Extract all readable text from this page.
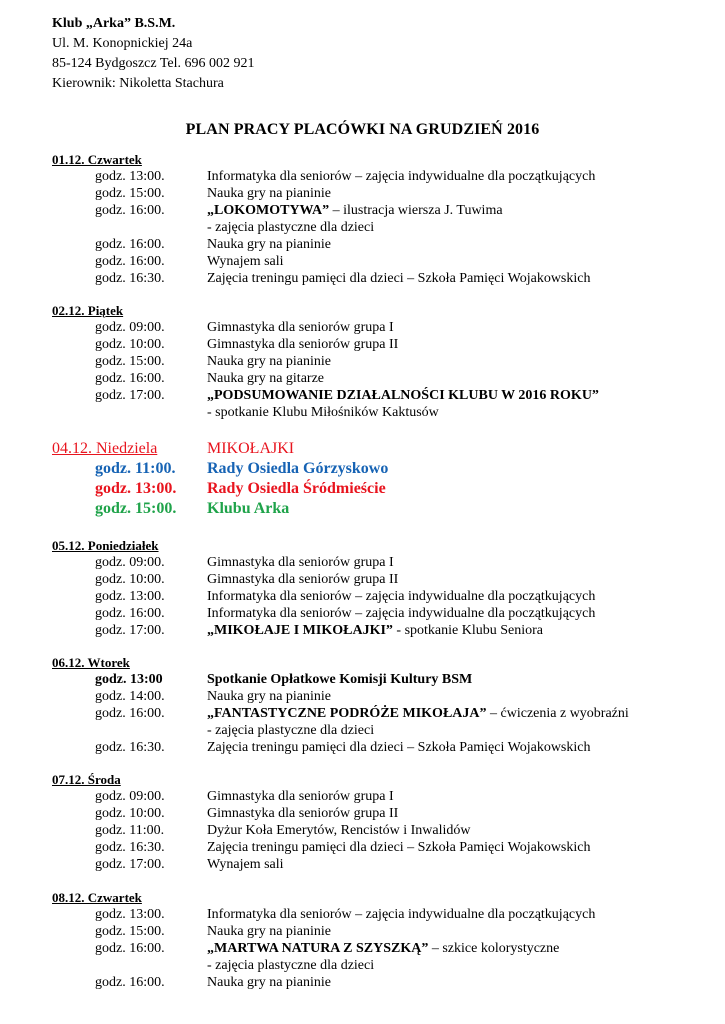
Klub „Arka” B.S.M.
Ul. M. Konopnickiej 24a
85-124 Bydgoszcz Tel. 696 002 921
Kierownik: Nikoletta Stachura
PLAN PRACY PLACÓWKI NA GRUDZIEŃ 2016
01.12. Czwartek
godz. 13:00.	Informatyka dla seniorów – zajęcia indywidualne dla początkujących
godz. 15:00.	Nauka gry na pianinie
godz. 16:00.	„LOKOMOTYWA” – ilustracja wiersza J. Tuwima
- zajęcia plastyczne dla dzieci
godz. 16:00.	Nauka gry na pianinie
godz. 16:00.	Wynajem sali
godz. 16:30.	Zajęcia treningu pamięci dla dzieci – Szkoła Pamięci Wojakowskich
02.12. Piątek
godz. 09:00.	Gimnastyka dla seniorów grupa I
godz. 10:00.	Gimnastyka dla seniorów grupa II
godz. 15:00.	Nauka gry na pianinie
godz. 16:00.	Nauka gry na gitarze
godz. 17:00.	„PODSUMOWANIE DZIAŁALNOŚCI KLUBU W 2016 ROKU”
- spotkanie Klubu Miłośników Kaktusów
04.12. Niedziela	MIKOŁAJKI
godz. 11:00. Rady Osiedla Górzyskowo
godz. 13:00. Rady Osiedla Śródmieście
godz. 15:00. Klubu Arka
05.12. Poniedziałek
godz. 09:00.	Gimnastyka dla seniorów grupa I
godz. 10:00.	Gimnastyka dla seniorów grupa II
godz. 13:00.	Informatyka dla seniorów – zajęcia indywidualne dla początkujących
godz. 16:00.	Informatyka dla seniorów – zajęcia indywidualne dla początkujących
godz. 17:00.	„MIKOŁAJE I MIKOŁAJKI” - spotkanie Klubu Seniora
06.12. Wtorek
godz. 13:00	Spotkanie Opłatkowe Komisji Kultury BSM
godz. 14:00.	Nauka gry na pianinie
godz. 16:00.	„FANTASTYCZNE PODRÓŻE MIKOŁAJA” – ćwiczenia z wyobraźni
- zajęcia plastyczne dla dzieci
godz. 16:30.	Zajęcia treningu pamięci dla dzieci – Szkoła Pamięci Wojakowskich
07.12. Środa
godz. 09:00.	Gimnastyka dla seniorów grupa I
godz. 10:00.	Gimnastyka dla seniorów grupa II
godz. 11:00.	Dyżur Koła Emerytów, Rencistów i Inwalidów
godz. 16:30.	Zajęcia treningu pamięci dla dzieci – Szkoła Pamięci Wojakowskich
godz. 17:00.	Wynajem sali
08.12. Czwartek
godz. 13:00.	Informatyka dla seniorów – zajęcia indywidualne dla początkujących
godz. 15:00.	Nauka gry na pianinie
godz. 16:00.	„MARTWA NATURA Z SZYSZKĄ” – szkice kolorystyczne
- zajęcia plastyczne dla dzieci
godz. 16:00.	Nauka gry na pianinie
